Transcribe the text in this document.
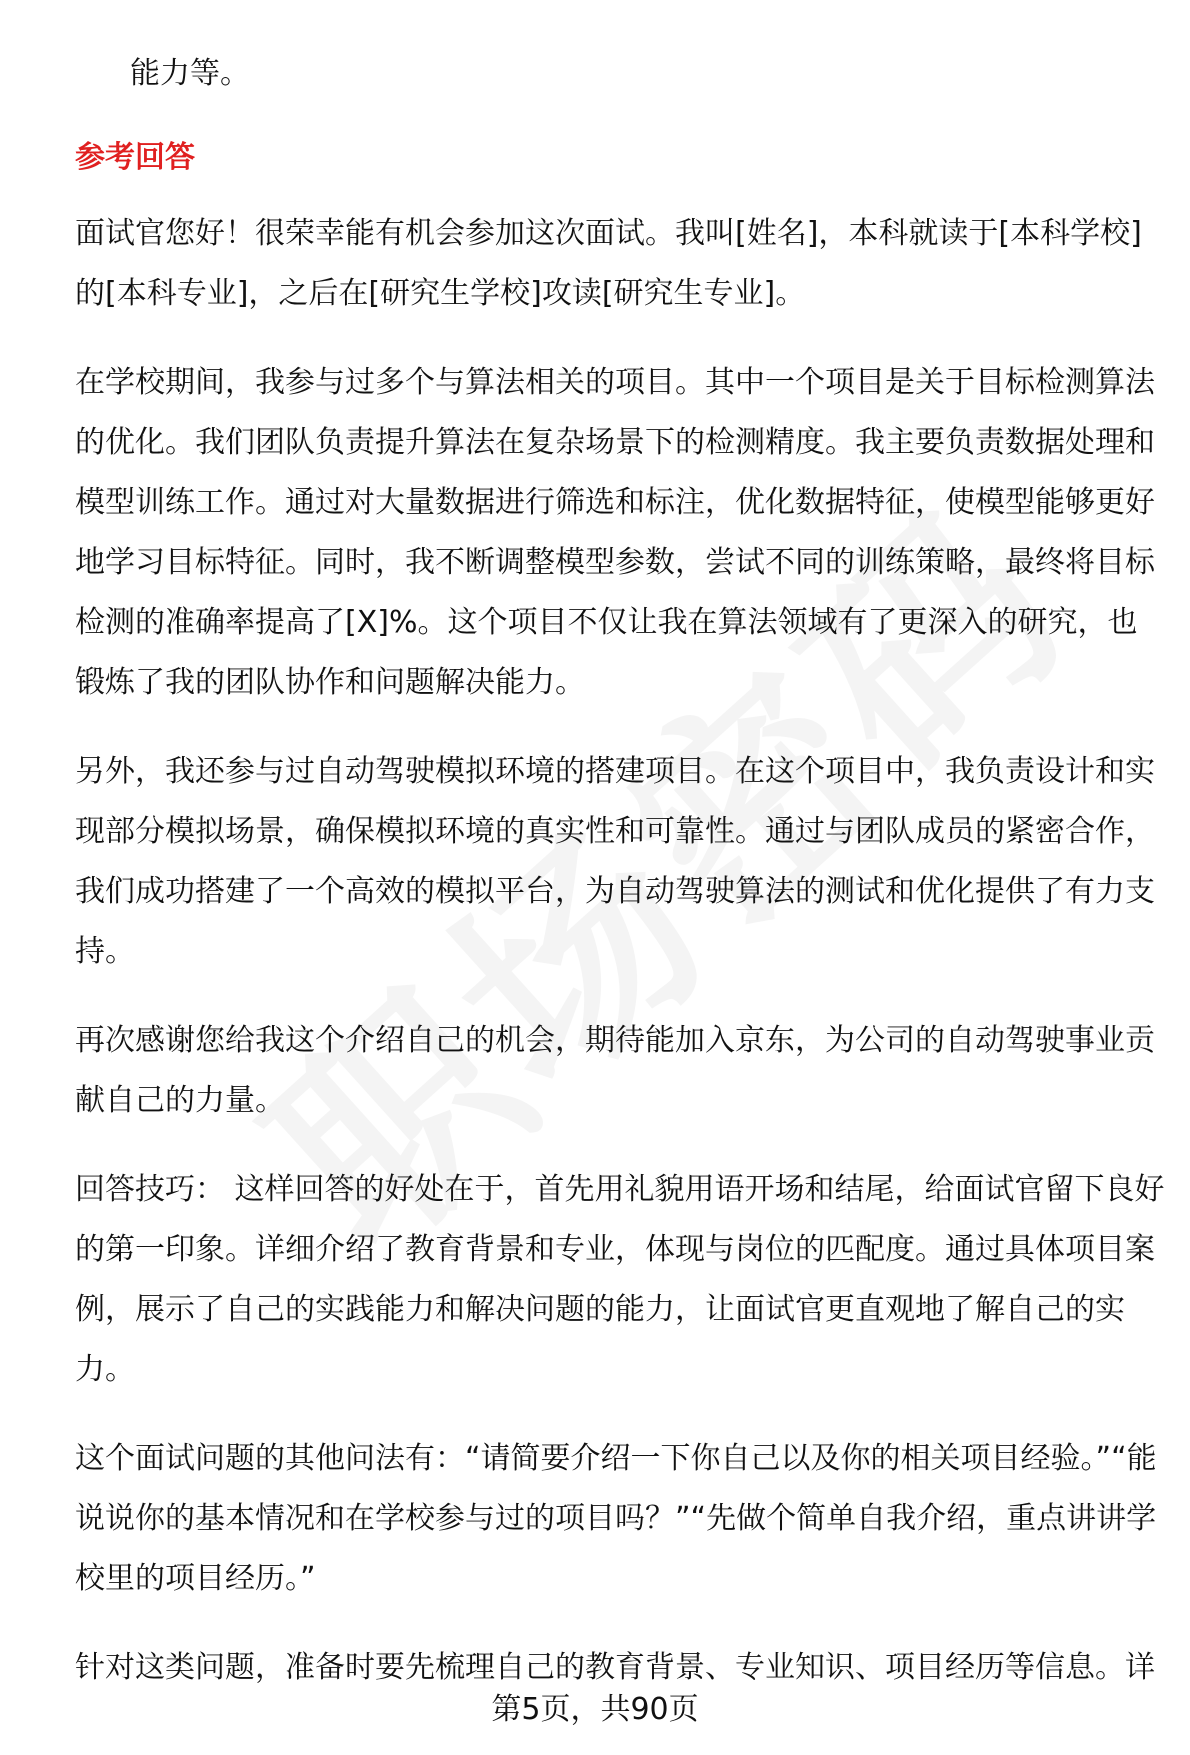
能力等。

参考回答

面试官您好！很荣幸能有机会参加这次面试。我叫[姓名]，本科就读于[本科学校]的[本科专业]，之后在[研究生学校]攻读[研究生专业]。

在学校期间，我参与过多个与算法相关的项目。其中一个项目是关于目标检测算法的优化。我们团队负责提升算法在复杂场景下的检测精度。我主要负责数据处理和模型训练工作。通过对大量数据进行筛选和标注，优化数据特征，使模型能够更好地学习目标特征。同时，我不断调整模型参数，尝试不同的训练策略，最终将目标检测的准确率提高了[X]%。这个项目不仅让我在算法领域有了更深入的研究，也锻炼了我的团队协作和问题解决能力。

另外，我还参与过自动驾驶模拟环境的搭建项目。在这个项目中，我负责设计和实现部分模拟场景，确保模拟环境的真实性和可靠性。通过与团队成员的紧密合作，我们成功搭建了一个高效的模拟平台，为自动驾驶算法的测试和优化提供了有力支持。

再次感谢您给我这个介绍自己的机会，期待能加入京东，为公司的自动驾驶事业贡献自己的力量。

回答技巧： 这样回答的好处在于，首先用礼貌用语开场和结尾，给面试官留下良好的第一印象。详细介绍了教育背景和专业，体现与岗位的匹配度。通过具体项目案例，展示了自己的实践能力和解决问题的能力，让面试官更直观地了解自己的实力。

这个面试问题的其他问法有：“请简要介绍一下你自己以及你的相关项目经验。”“能说说你的基本情况和在学校参与过的项目吗？”“先做个简单自我介绍，重点讲讲学校里的项目经历。”

针对这类问题，准备时要先梳理自己的教育背景、专业知识、项目经历等信息。详

第5页，共90页
